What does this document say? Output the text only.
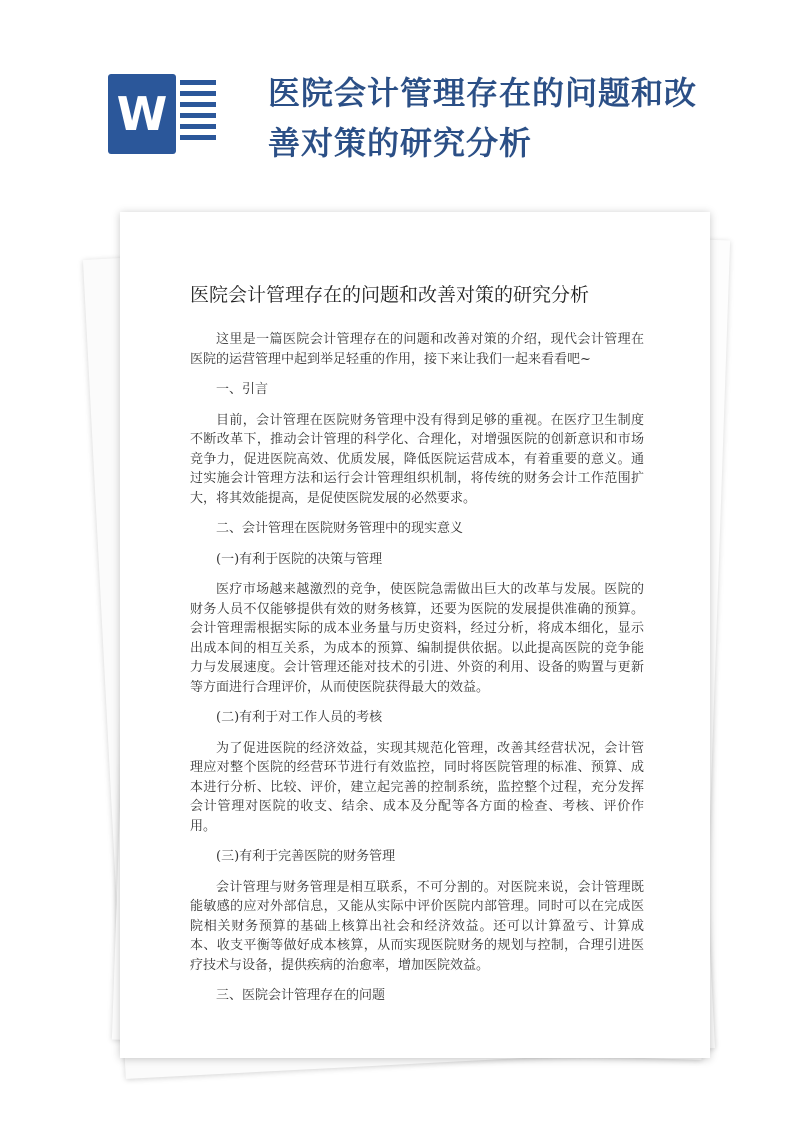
W	医院会计管理存在的问题和改善对策的研究分析
医院会计管理存在的问题和改善对策的研究分析

这里是一篇医院会计管理存在的问题和改善对策的介绍，现代会计管理在医院的运营管理中起到举足轻重的作用，接下来让我们一起来看看吧~

一、引言

目前，会计管理在医院财务管理中没有得到足够的重视。在医疗卫生制度不断改革下，推动会计管理的科学化、合理化，对增强医院的创新意识和市场竞争力，促进医院高效、优质发展，降低医院运营成本，有着重要的意义。通过实施会计管理方法和运行会计管理组织机制，将传统的财务会计工作范围扩大，将其效能提高，是促使医院发展的必然要求。

二、会计管理在医院财务管理中的现实意义

(一)有利于医院的决策与管理

医疗市场越来越激烈的竞争，使医院急需做出巨大的改革与发展。医院的财务人员不仅能够提供有效的财务核算，还要为医院的发展提供准确的预算。会计管理需根据实际的成本业务量与历史资料，经过分析，将成本细化，显示出成本间的相互关系，为成本的预算、编制提供依据。以此提高医院的竞争能力与发展速度。会计管理还能对技术的引进、外资的利用、设备的购置与更新等方面进行合理评价，从而使医院获得最大的效益。

(二)有利于对工作人员的考核

为了促进医院的经济效益，实现其规范化管理，改善其经营状况，会计管理应对整个医院的经营环节进行有效监控，同时将医院管理的标准、预算、成本进行分析、比较、评价，建立起完善的控制系统，监控整个过程，充分发挥会计管理对医院的收支、结余、成本及分配等各方面的检查、考核、评价作用。

(三)有利于完善医院的财务管理

会计管理与财务管理是相互联系，不可分割的。对医院来说，会计管理既能敏感的应对外部信息，又能从实际中评价医院内部管理。同时可以在完成医院相关财务预算的基础上核算出社会和经济效益。还可以计算盈亏、计算成本、收支平衡等做好成本核算，从而实现医院财务的规划与控制，合理引进医疗技术与设备，提供疾病的治愈率，增加医院效益。

三、医院会计管理存在的问题
